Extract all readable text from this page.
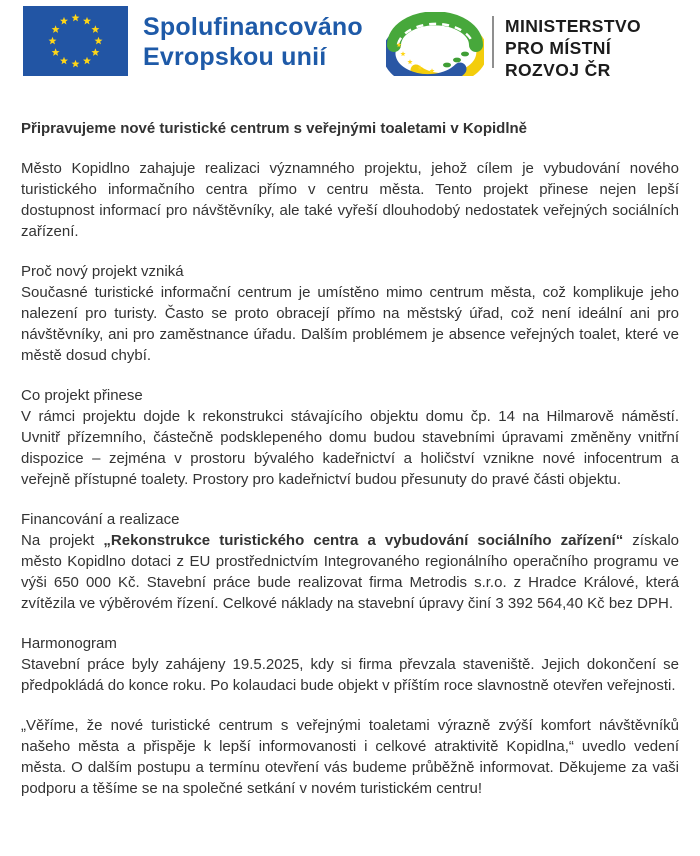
Spolufinancováno
Evropskou unií
MINISTERSTVO
PRO MÍSTNÍ
ROZVOJ ČR
Připravujeme nové turistické centrum s veřejnými toaletami v Kopidlně

Město Kopidlno zahajuje realizaci významného projektu, jehož cílem je vybudování nového turistického informačního centra přímo v centru města. Tento projekt přinese nejen lepší dostupnost informací pro návštěvníky, ale také vyřeší dlouhodobý nedostatek veřejných sociálních zařízení.

Proč nový projekt vzniká
Současné turistické informační centrum je umístěno mimo centrum města, což komplikuje jeho nalezení pro turisty. Často se proto obracejí přímo na městský úřad, což není ideální ani pro návštěvníky, ani pro zaměstnance úřadu. Dalším problémem je absence veřejných toalet, které ve městě dosud chybí.
Co projekt přinese
V rámci projektu dojde k rekonstrukci stávajícího objektu domu čp. 14 na Hilmarově náměstí. Uvnitř přízemního, částečně podsklepeného domu budou stavebními úpravami změněny vnitřní dispozice – zejména v prostoru bývalého kadeřnictví a holičství vznikne nové infocentrum a veřejně přístupné toalety. Prostory pro kadeřnictví budou přesunuty do pravé části objektu.
Financování a realizace
Na projekt „Rekonstrukce turistického centra a vybudování sociálního zařízení“ získalo město Kopidlno dotaci z EU prostřednictvím Integrovaného regionálního operačního programu ve výši 650 000 Kč. Stavební práce bude realizovat firma Metrodis s.r.o. z Hradce Králové, která zvítězila ve výběrovém řízení. Celkové náklady na stavební úpravy činí 3 392 564,40 Kč bez DPH.
Harmonogram
Stavební práce byly zahájeny 19.5.2025, kdy si firma převzala staveniště. Jejich dokončení se předpokládá do konce roku. Po kolaudaci bude objekt v příštím roce slavnostně otevřen veřejnosti.

„Věříme, že nové turistické centrum s veřejnými toaletami výrazně zvýší komfort návštěvníků našeho města a přispěje k lepší informovanosti i celkové atraktivitě Kopidlna,“ uvedlo vedení města. O dalším postupu a termínu otevření vás budeme průběžně informovat. Děkujeme za vaši podporu a těšíme se na společné setkání v novém turistickém centru!
